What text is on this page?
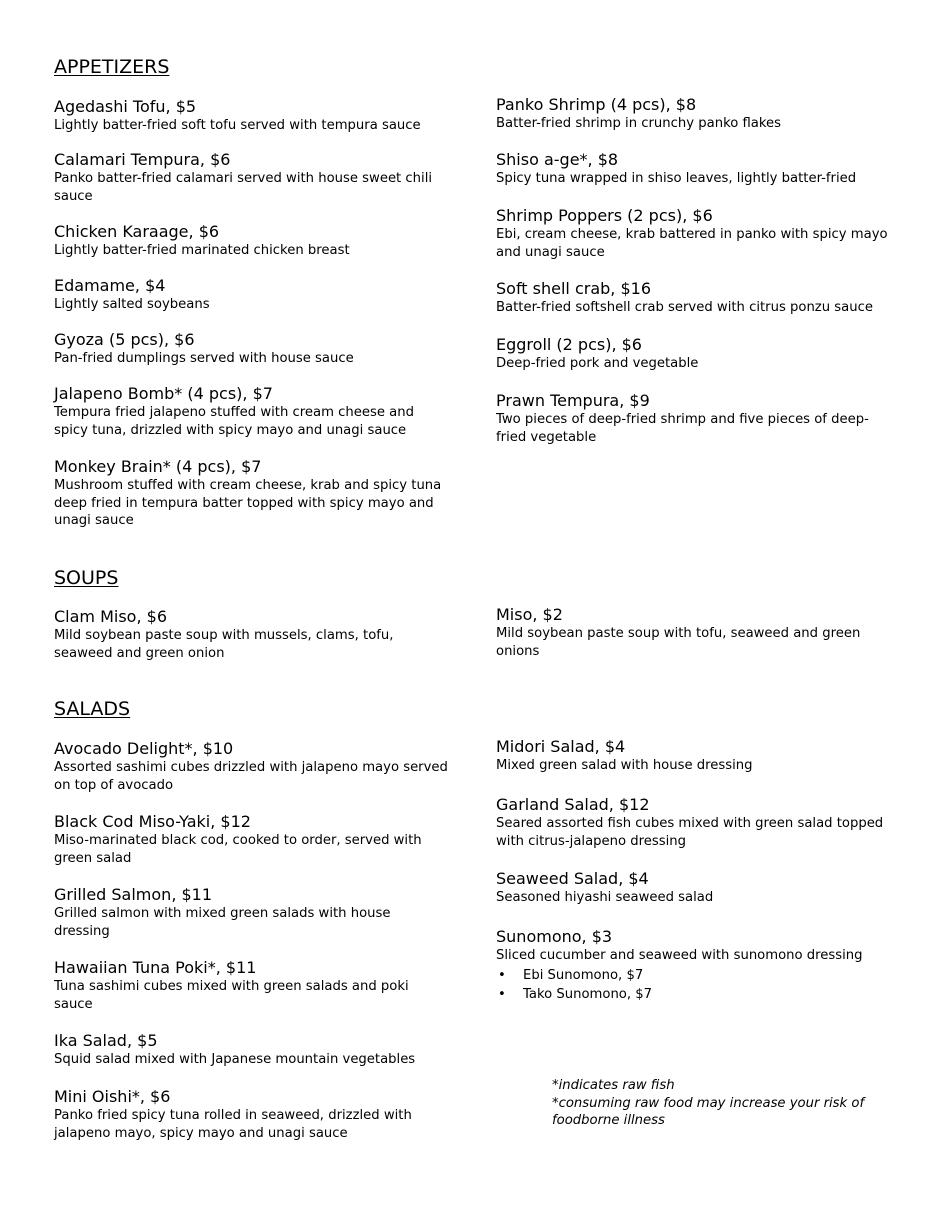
APPETIZERS
Agedashi Tofu, $5
Lightly batter-fried soft tofu served with tempura sauce
Calamari Tempura, $6
Panko batter-fried calamari served with house sweet chili sauce
Chicken Karaage, $6
Lightly batter-fried marinated chicken breast
Edamame, $4
Lightly salted soybeans
Gyoza (5 pcs), $6
Pan-fried dumplings served with house sauce
Jalapeno Bomb* (4 pcs), $7
Tempura fried jalapeno stuffed with cream cheese and spicy tuna, drizzled with spicy mayo and unagi sauce
Monkey Brain* (4 pcs), $7
Mushroom stuffed with cream cheese, krab and spicy tuna deep fried in tempura batter topped with spicy mayo and unagi sauce
Panko Shrimp (4 pcs), $8
Batter-fried shrimp in crunchy panko flakes
Shiso a-ge*, $8
Spicy tuna wrapped in shiso leaves, lightly batter-fried
Shrimp Poppers (2 pcs), $6
Ebi, cream cheese, krab battered in panko with spicy mayo and unagi sauce
Soft shell crab, $16
Batter-fried softshell crab served with citrus ponzu sauce
Eggroll (2 pcs), $6
Deep-fried pork and vegetable
Prawn Tempura, $9
Two pieces of deep-fried shrimp and five pieces of deep-fried vegetable
SOUPS
Clam Miso, $6
Mild soybean paste soup with mussels, clams, tofu, seaweed and green onion
Miso, $2
Mild soybean paste soup with tofu, seaweed and green onions
SALADS
Avocado Delight*, $10
Assorted sashimi cubes drizzled with jalapeno mayo served on top of avocado
Black Cod Miso-Yaki, $12
Miso-marinated black cod, cooked to order, served with green salad
Grilled Salmon, $11
Grilled salmon with mixed green salads with house dressing
Hawaiian Tuna Poki*, $11
Tuna sashimi cubes mixed with green salads and poki sauce
Ika Salad, $5
Squid salad mixed with Japanese mountain vegetables
Mini Oishi*, $6
Panko fried spicy tuna rolled in seaweed, drizzled with jalapeno mayo, spicy mayo and unagi sauce
Midori Salad, $4
Mixed green salad with house dressing
Garland Salad, $12
Seared assorted fish cubes mixed with green salad topped with citrus-jalapeno dressing
Seaweed Salad, $4
Seasoned hiyashi seaweed salad
Sunomono, $3
Sliced cucumber and seaweed with sunomono dressing
• Ebi Sunomono, $7
• Tako Sunomono, $7
*indicates raw fish
*consuming raw food may increase your risk of foodborne illness
